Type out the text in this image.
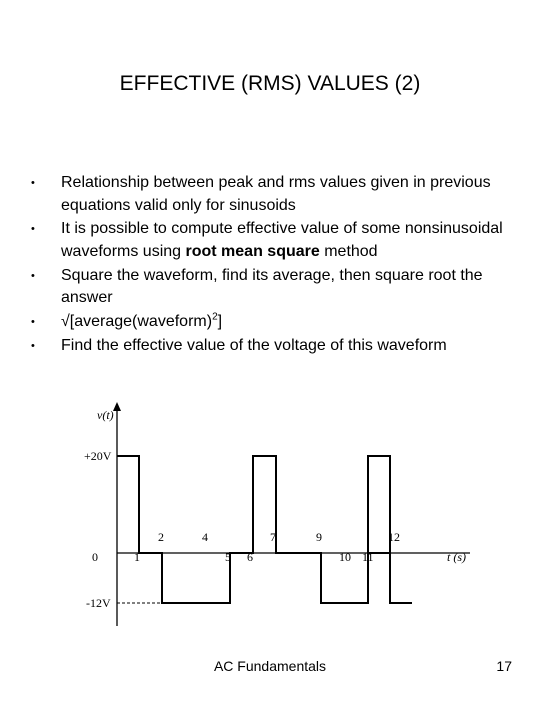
EFFECTIVE (RMS) VALUES (2)
• Relationship between peak and rms values given in previous equations valid only for sinusoids
• It is possible to compute effective value of some nonsinusoidal waveforms using root mean square method
• Square the waveform, find its average, then square root the answer
• √[average(waveform)$^2$]
• Find the effective value of the voltage of this waveform
v(t)
+20V
-12V
t (s)
2	4	7	9	12
0	1	5 6	10 11
AC Fundamentals	17
